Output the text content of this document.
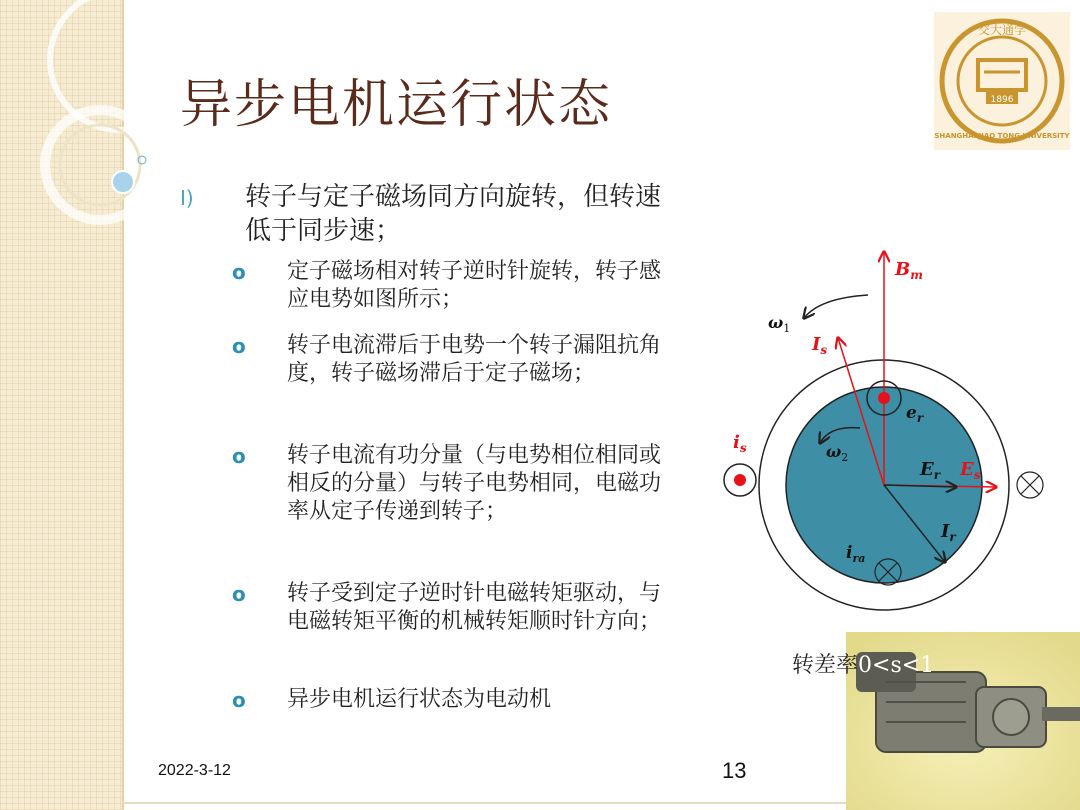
异步电机运行状态	1896
交大通学
SHANGHAI JIAO TONG UNIVERSITY
I) 转子与定子磁场同方向旋转，但转速低于同步速；
o 定子磁场相对转子逆时针旋转，转子感应电势如图所示；
o 转子电流滞后于电势一个转子漏阻抗角度，转子磁场滞后于定子磁场；
o 转子电流有功分量（与电势相位相同或相反的分量）与转子电势相同，电磁功率从定子传递到转子；
o 转子受到定子逆时针电磁转矩驱动，与电磁转矩平衡的机械转矩顺时针方向；
o 异步电机运行状态为电动机
$B_m$
$\omega_1$
$I_s$
$e_r$
$i_s$	$\omega_2$
$E_r$ $E_s$
$I_r$
$i_{ra}$
转差率0<s<1
2022-3-12	13
